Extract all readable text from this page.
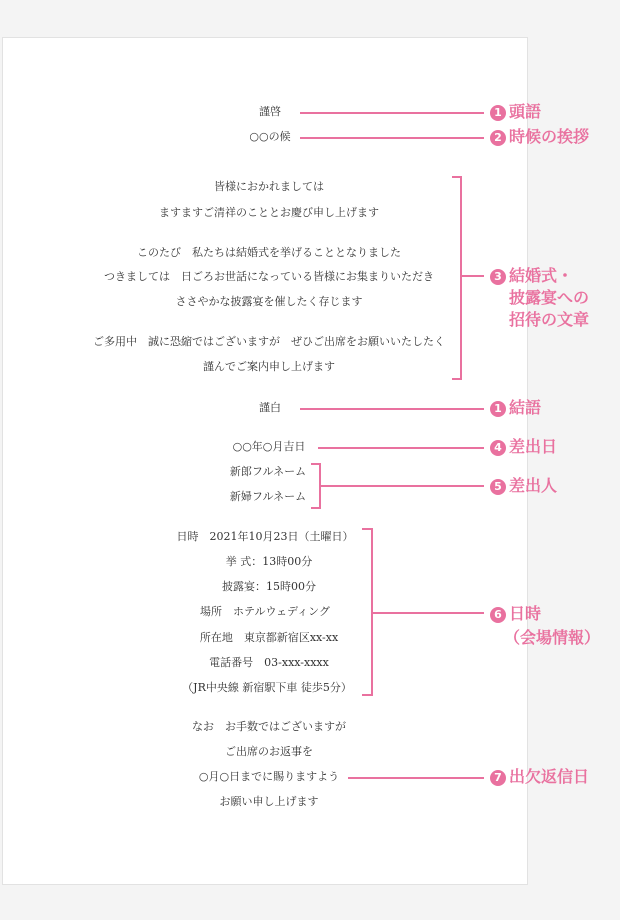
謹啓
○○の候
皆様におかれましては
ますますご清祥のこととお慶び申し上げます
このたび　私たちは結婚式を挙げることとなりました
つきましては　日ごろお世話になっている皆様にお集まりいただき
ささやかな披露宴を催したく存じます
ご多用中　誠に恐縮ではございますが　ぜひご出席をお願いいたしたく
謹んでご案内申し上げます
謹白
○○年○月吉日
新郎フルネーム
新婦フルネーム
日時　2021年10月23日（土曜日）
挙 式：13時00分
披露宴：15時00分
場所　ホテルウェディング
所在地　東京都新宿区xx-xx
電話番号　03-xxx-xxxx
（JR中央線 新宿駅下車 徒歩5分）
なお　お手数ではございますが
ご出席のお返事を
○月○日までに賜りますよう
お願い申し上げます
1 頭語
2 時候の挨拶
3 結婚式・
披露宴への
招待の文章
1 結語
4 差出日
5 差出人
6 日時
（会場情報）
7 出欠返信日
